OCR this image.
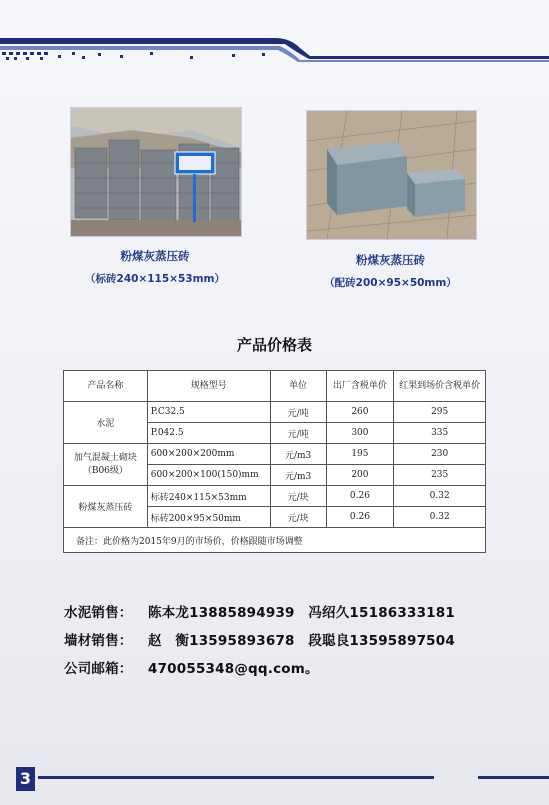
粉煤灰蒸压砖
（标砖240×115×53mm）
粉煤灰蒸压砖
（配砖200×95×50mm）
产品价格表
产品名称	规格型号	单位	出厂含税单价	红果到场价含税单价
水泥	P.C32.5	元/吨	260	295
	P.042.5	元/吨	300	335
加气混凝土砌块（B06级）	600×200×200mm	元/m3	195	230
	600×200×100(150)mm	元/m3	200	235
粉煤灰蒸压砖	标砖240×115×53mm	元/块	0.26	0.32
	标砖200×95×50mm	元/块	0.26	0.32
备注：此价格为2015年9月的市场价，价格跟随市场调整				
水泥销售： 陈本龙13885894939　冯绍久15186333181
墙材销售： 赵　衡13595893678　段聪良13595897504
公司邮箱： 470055348@qq.com。
3
